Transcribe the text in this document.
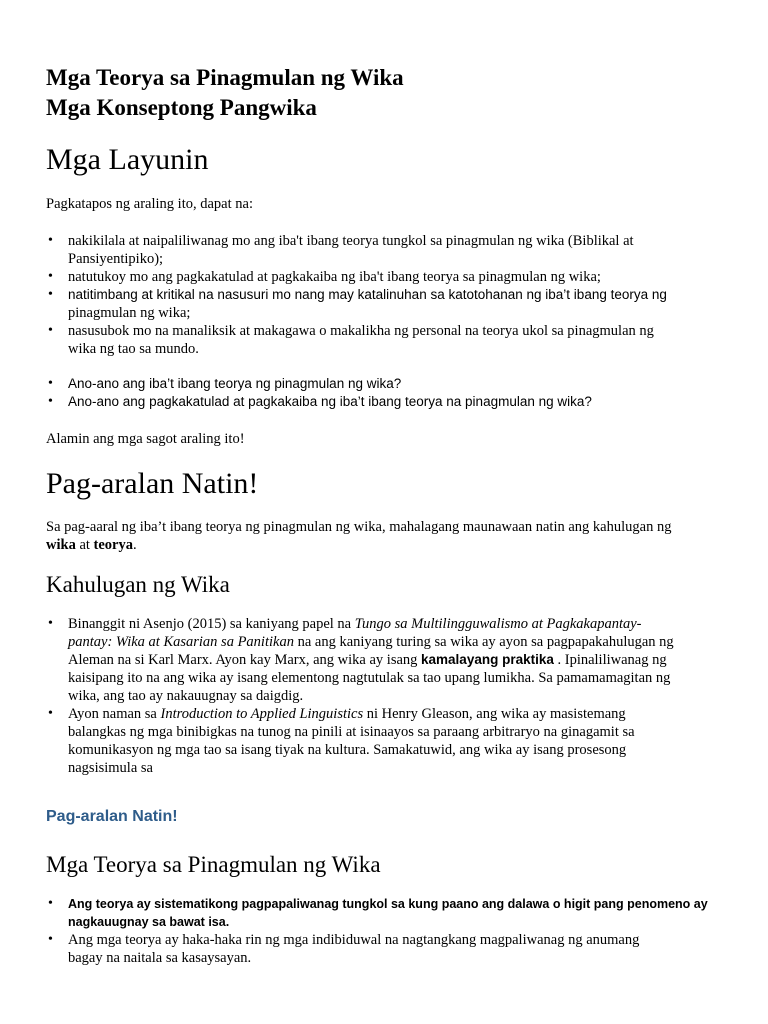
Mga Teorya sa Pinagmulan ng Wika
Mga Konseptong Pangwika
Mga Layunin

Pagkatapos ng araling ito, dapat na:

• nakikilala at naipaliliwanag mo ang iba't ibang teorya tungkol sa pinagmulan ng wika (Biblikal at
Pansiyentipiko);
• natutukoy mo ang pagkakatulad at pagkakaiba ng iba't ibang teorya sa pinagmulan ng wika;
• natitimbang at kritikal na nasusuri mo nang may katalinuhan sa katotohanan ng iba’t ibang teorya ng
pinagmulan ng wika;
• nasusubok mo na manaliksik at makagawa o makalikha ng personal na teorya ukol sa pinagmulan ng
wika ng tao sa mundo.
• Ano-ano ang iba’t ibang teorya ng pinagmulan ng wika?
• Ano-ano ang pagkakatulad at pagkakaiba ng iba’t ibang teorya na pinagmulan ng wika?

Alamin ang mga sagot araling ito!

Pag-aralan Natin!

Sa pag-aaral ng iba’t ibang teorya ng pinagmulan ng wika, mahalagang maunawaan natin ang kahulugan ng

wika at teorya.

Kahulugan ng Wika
• Binanggit ni Asenjo (2015) sa kaniyang papel na Tungo sa Multilingguwalismo at Pagkakapantay-
pantay: Wika at Kasarian sa Panitikan na ang kaniyang turing sa wika ay ayon sa pagpapakahulugan ng
Aleman na si Karl Marx. Ayon kay Marx, ang wika ay isang kamalayang praktika . Ipinaliliwanag ng
kaisipang ito na ang wika ay isang elementong nagtutulak sa tao upang lumikha. Sa pamamamagitan ng
wika, ang tao ay nakauugnay sa daigdig.
• Ayon naman sa Introduction to Applied Linguistics ni Henry Gleason, ang wika ay masistemang
balangkas ng mga binibigkas na tunog na pinili at isinaayos sa paraang arbitraryo na ginagamit sa
komunikasyon ng mga tao sa isang tiyak na kultura. Samakatuwid, ang wika ay isang prosesong
nagsisimula sa
Pag-aralan Natin!
Mga Teorya sa Pinagmulan ng Wika
• Ang teorya ay sistematikong pagpapaliwanag tungkol sa kung paano ang dalawa o higit pang penomeno ay
nagkauugnay sa bawat isa.
• Ang mga teorya ay haka-haka rin ng mga indibiduwal na nagtangkang magpaliwanag ng anumang
bagay na naitala sa kasaysayan.
